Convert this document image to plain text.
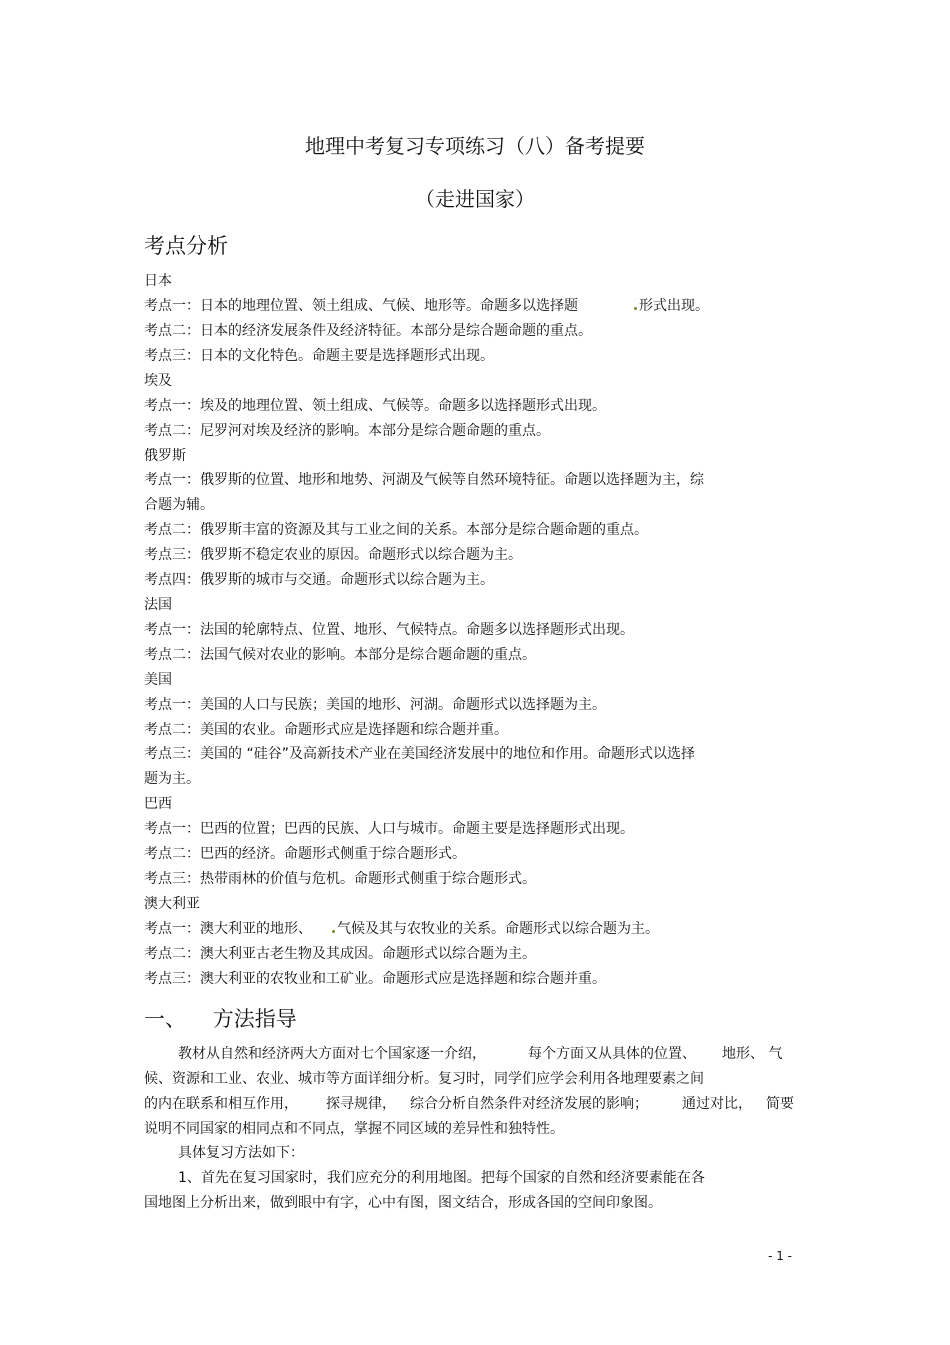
地理中考复习专项练习（八）备考提要
（走进国家）
考点分析
日本
考点一：日本的地理位置、领土组成、气候、地形等。命题多以选择题	形式出现。
考点二：日本的经济发展条件及经济特征。本部分是综合题命题的重点。
考点三：日本的文化特色。命题主要是选择题形式出现。
埃及
考点一：埃及的地理位置、领土组成、气候等。命题多以选择题形式出现。
考点二：尼罗河对埃及经济的影响。本部分是综合题命题的重点。
俄罗斯
考点一：俄罗斯的位置、地形和地势、河湖及气候等自然环境特征。命题以选择题为主，综
合题为辅。
考点二：俄罗斯丰富的资源及其与工业之间的关系。本部分是综合题命题的重点。
考点三：俄罗斯不稳定农业的原因。命题形式以综合题为主。
考点四：俄罗斯的城市与交通。命题形式以综合题为主。
法国
考点一：法国的轮廓特点、位置、地形、气候特点。命题多以选择题形式出现。
考点二：法国气候对农业的影响。本部分是综合题命题的重点。
美国
考点一：美国的人口与民族；美国的地形、河湖。命题形式以选择题为主。
考点二：美国的农业。命题形式应是选择题和综合题并重。
考点三：美国的 “硅谷”及高新技术产业在美国经济发展中的地位和作用。命题形式以选择
题为主。
巴西
考点一：巴西的位置；巴西的民族、人口与城市。命题主要是选择题形式出现。
考点二：巴西的经济。命题形式侧重于综合题形式。
考点三：热带雨林的价值与危机。命题形式侧重于综合题形式。
澳大利亚
考点一：澳大利亚的地形、 气候及其与农牧业的关系。命题形式以综合题为主。
考点二：澳大利亚古老生物及其成因。命题形式以综合题为主。
考点三：澳大利亚的农牧业和工矿业。命题形式应是选择题和综合题并重。
一、    方法指导
教材从自然和经济两大方面对七个国家逐一介绍，	每个方面又从具体的位置、 地形、 气
候、资源和工业、农业、城市等方面详细分析。复习时，同学们应学会利用各地理要素之间
的内在联系和相互作用， 探寻规律， 综合分析自然条件对经济发展的影响； 通过对比， 简要
说明不同国家的相同点和不同点，掌握不同区域的差异性和独特性。
具体复习方法如下：
1、首先在复习国家时，我们应充分的利用地图。把每个国家的自然和经济要素能在各
国地图上分析出来，做到眼中有字，心中有图，图文结合，形成各国的空间印象图。
- 1 -
